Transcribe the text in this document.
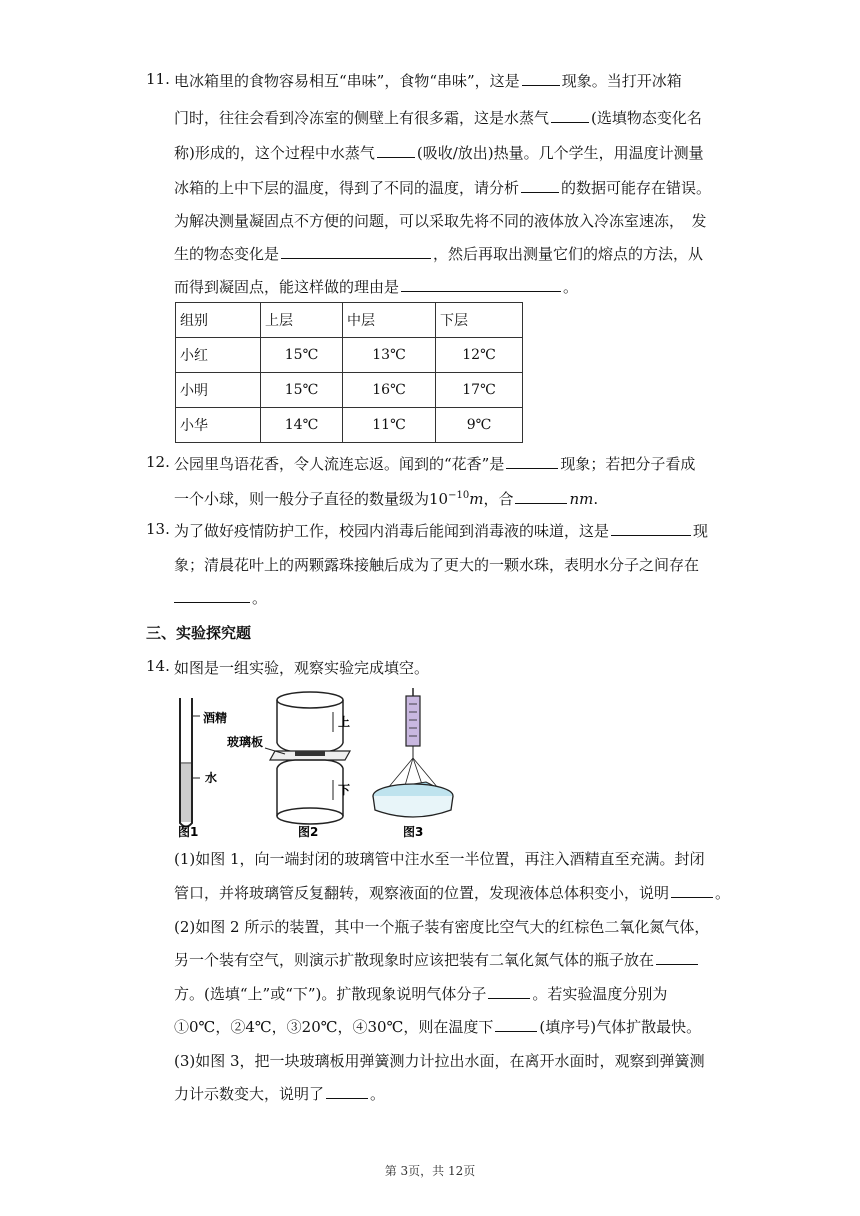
11. 电冰箱里的食物容易相互“串味”，食物“串味”，这是	现象。当打开冰箱
门时，往往会看到冷冻室的侧壁上有很多霜，这是水蒸气	(选填物态变化名
称)形成的，这个过程中水蒸气	(吸收/放出)热量。几个学生，用温度计测量
冰箱的上中下层的温度，得到了不同的温度，请分析	的数据可能存在错误。
为解决测量凝固点不方便的问题，可以采取先将不同的液体放入冷冻室速冻，　发
生的物态变化是	，然后再取出测量它们的熔点的方法，从
而得到凝固点，能这样做的理由是	。
组别	上层	中层	下层
小红	15℃	13℃	12℃
小明	15℃	16℃	17℃
小华	14℃	11℃	9℃
12. 公园里鸟语花香，令人流连忘返。闻到的“花香”是	现象；若把分子看成
一个小球，则一般分子直径的数量级为$10^{-10}m$，合	nm.
13. 为了做好疫情防护工作，校园内消毒后能闻到消毒液的味道，这是	现
象；清晨花叶上的两颗露珠接触后成为了更大的一颗水珠，表明水分子之间存在
。
三、实验探究题
14. 如图是一组实验，观察实验完成填空。
酒精
水
图1
玻璃板
上
下
图2	图3
(1)如图 1，向一端封闭的玻璃管中注水至一半位置，再注入酒精直至充满。封闭
管口，并将玻璃管反复翻转，观察液面的位置，发现液体总体积变小，说明	。
(2)如图 2 所示的装置，其中一个瓶子装有密度比空气大的红棕色二氧化氮气体，
另一个装有空气，则演示扩散现象时应该把装有二氧化氮气体的瓶子放在
方。(选填“上”或“下”)。扩散现象说明气体分子	。若实验温度分别为
①0℃，②4℃，③20℃，④30℃，则在温度下	(填序号)气体扩散最快。
(3)如图 3，把一块玻璃板用弹簧测力计拉出水面，在离开水面时，观察到弹簧测
力计示数变大，说明了	。
第 3页，共 12页
